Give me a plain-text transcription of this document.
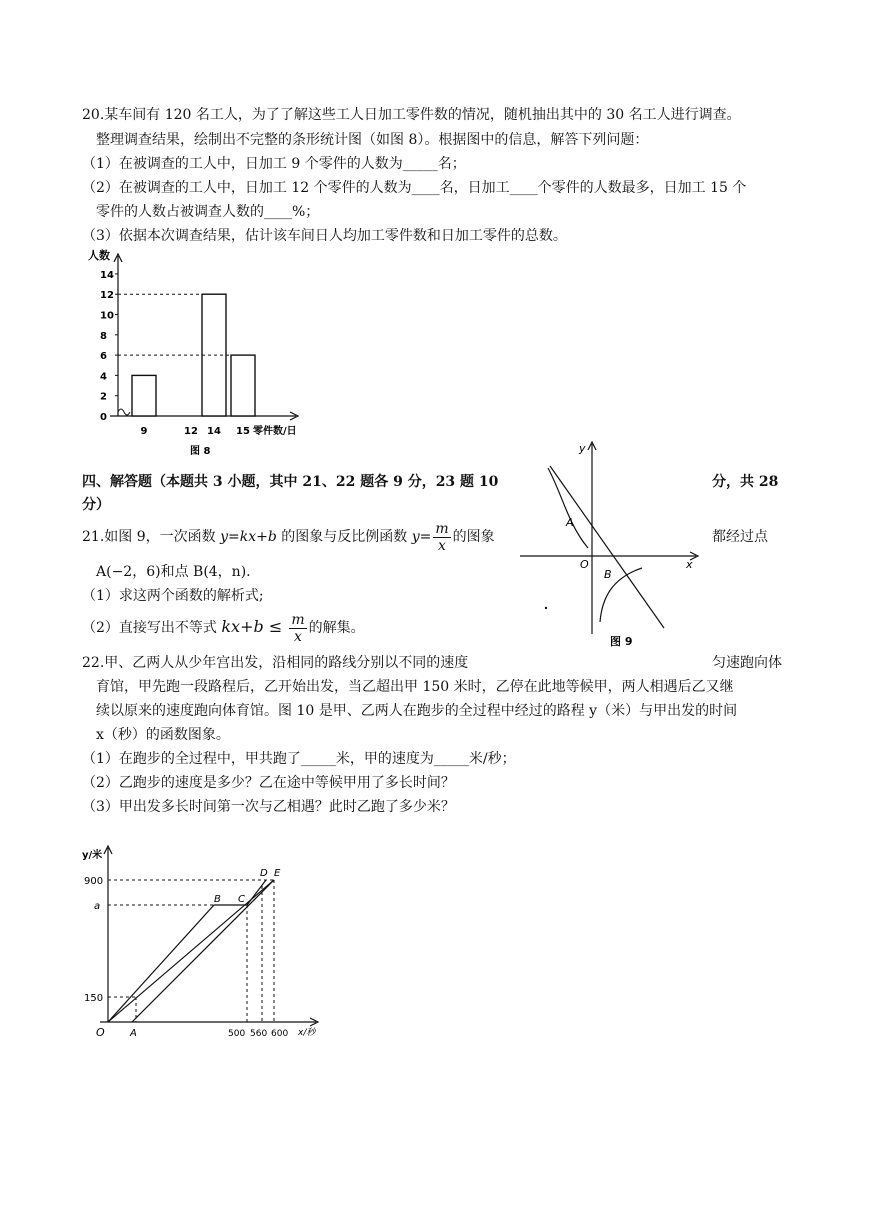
20.某车间有 120 名工人，为了了解这些工人日加工零件数的情况，随机抽出其中的 30 名工人进行调查。
整理调查结果，绘制出不完整的条形统计图（如图 8）。根据图中的信息，解答下列问题：
（1）在被调查的工人中，日加工 9 个零件的人数为_____名；
（2）在被调查的工人中，日加工 12 个零件的人数为____名，日加工____个零件的人数最多，日加工 15 个
零件的人数占被调查人数的____%；
（3）依据本次调查结果，估计该车间日人均加工零件数和日加工零件的总数。
0
2
4
6
8
10
12
14
9	12 14 15
人数
零件数/日
图 8
四、解答题（本题共 3 小题，其中 21、22 题各 9 分，23 题 10	分，共 28
分）
21.如图 9，一次函数 y=kx+b 的图象与反比例函数 $y= \frac{m}{x}$ 的图象	都经过点
A(−2，6)和点 B(4，n).
（1）求这两个函数的解析式;
（2）直接写出不等式 $kx+b \le \frac{m}{x}$ 的解集。
y
x
O
A
B
图 9
22.甲、乙两人从少年宫出发，沿相同的路线分别以不同的速度	匀速跑向体
育馆，甲先跑一段路程后，乙开始出发，当乙超出甲 150 米时，乙停在此地等候甲，两人相遇后乙又继
续以原来的速度跑向体育馆。图 10 是甲、乙两人在跑步的全过程中经过的路程 y（米）与甲出发的时间
x（秒）的函数图象。
（1）在跑步的全过程中，甲共跑了_____米，甲的速度为_____米/秒；
（2）乙跑步的速度是多少？乙在途中等候甲用了多长时间？
（3）甲出发多长时间第一次与乙相遇？此时乙跑了多少米？
y/米
x/秒
900
a
150
O	A	500 560 600
B C
D E
